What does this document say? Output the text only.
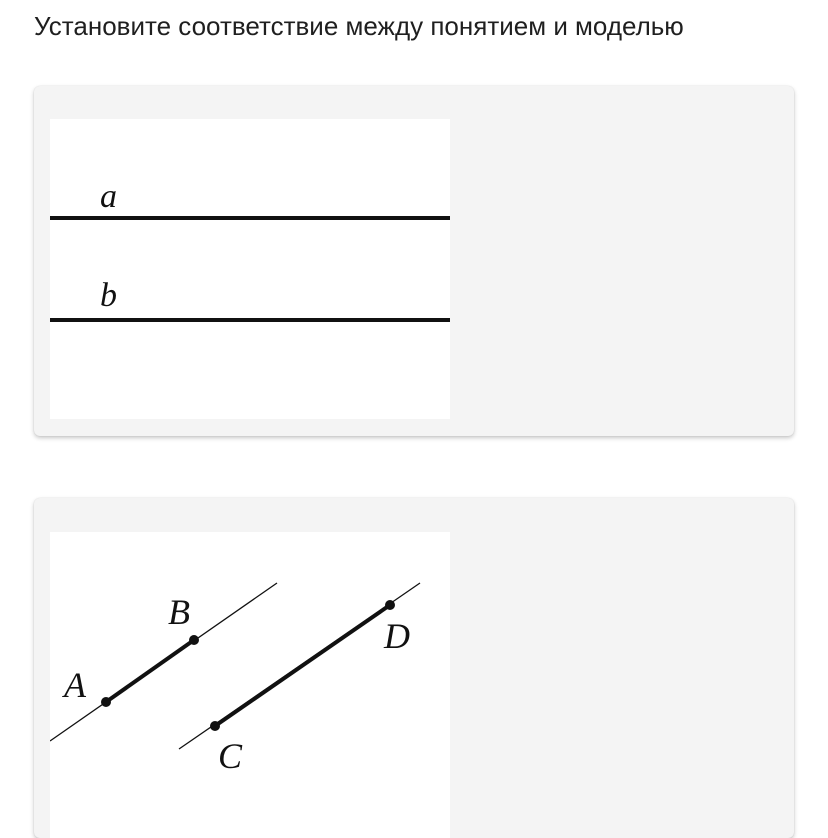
Установите соответствие между понятием и моделью
a
b
A
B
C
D
